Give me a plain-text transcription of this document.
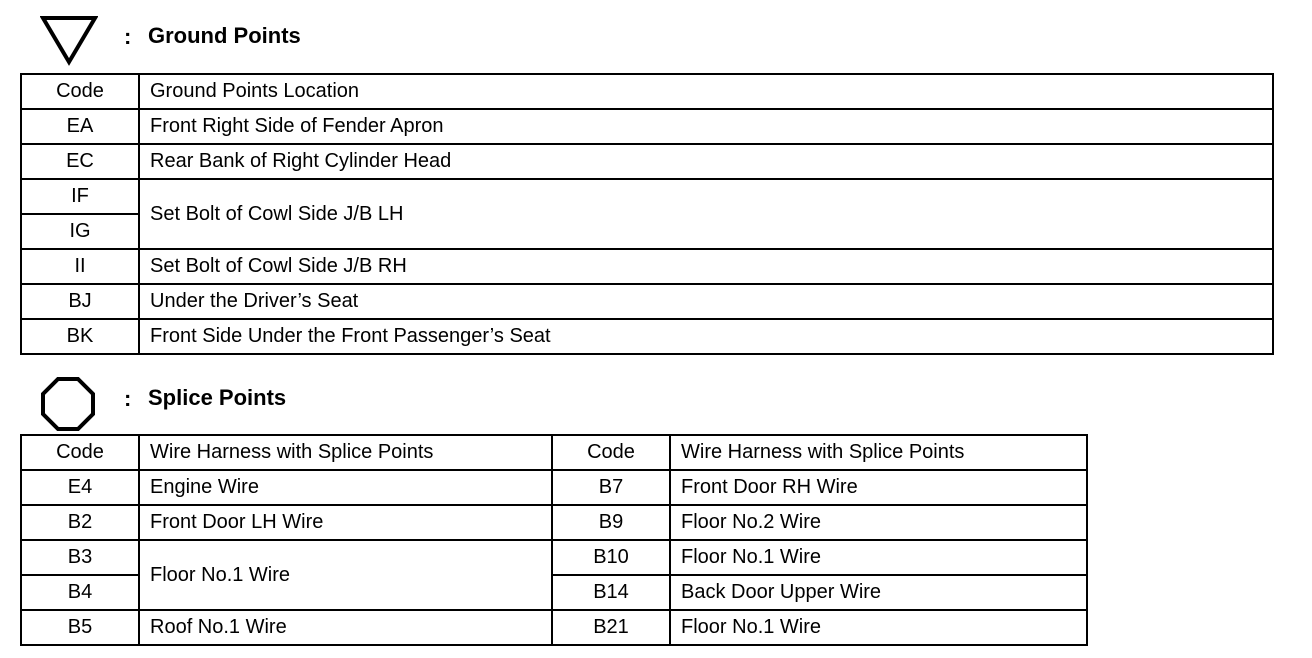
: Ground Points
Code	Ground Points Location
EA	Front Right Side of Fender Apron
EC	Rear Bank of Right Cylinder Head
IF	Set Bolt of Cowl Side J/B LH
IG	
II	Set Bolt of Cowl Side J/B RH
BJ	Under the Driver’s Seat
BK	Front Side Under the Front Passenger’s Seat
: Splice Points
Code	Wire Harness with Splice Points	Code	Wire Harness with Splice Points
E4	Engine Wire	B7	Front Door RH Wire
B2	Front Door LH Wire	B9	Floor No.2 Wire
B3	Floor No.1 Wire	B10	Floor No.1 Wire
B4		B14	Back Door Upper Wire
B5	Roof No.1 Wire	B21	Floor No.1 Wire
